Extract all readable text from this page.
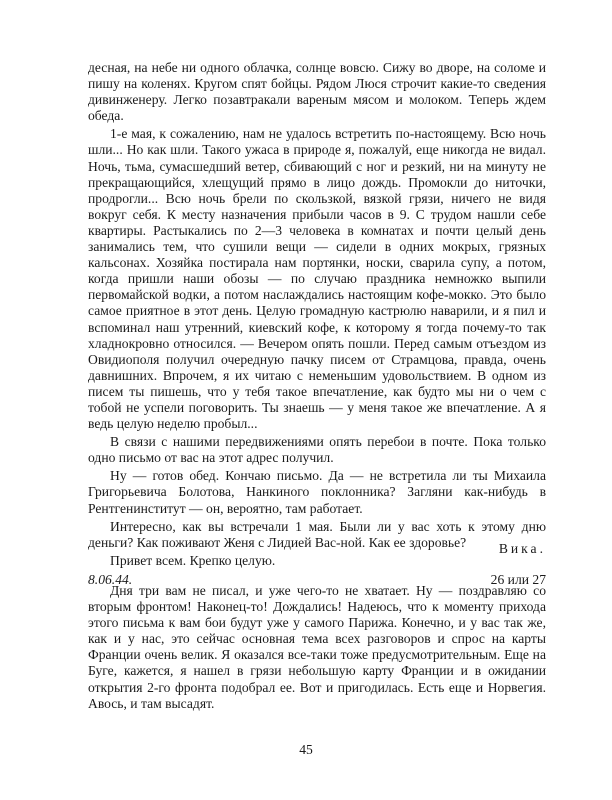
десная, на небе ни одного облачка, солнце вовсю. Сижу во дворе, на соломе и пишу на коленях. Кругом спят бойцы. Рядом Люся строчит какие-то сведения дивинженеру. Легко позавтракали вареным мясом и молоком. Теперь ждем обеда.

1-е мая, к сожалению, нам не удалось встретить по-настоящему. Всю ночь шли... Но как шли. Такого ужаса в природе я, пожалуй, еще никогда не видал. Ночь, тьма, сумасшедший ветер, сбивающий с ног и резкий, ни на минуту не прекращающийся, хлещущий прямо в лицо дождь. Промокли до ниточки, продрогли... Всю ночь брели по скользкой, вязкой грязи, ничего не видя вокруг себя. К месту назначения прибыли часов в 9. С трудом нашли себе квартиры. Растыкались по 2—3 человека в комнатах и почти целый день занимались тем, что сушили вещи — сидели в одних мокрых, грязных кальсонах. Хозяйка постирала нам портянки, носки, сварила супу, а потом, когда пришли наши обозы — по случаю праздника немножко выпили первомайской водки, а потом наслаждались настоящим кофе-мокко. Это было самое приятное в этот день. Целую громадную кастрюлю наварили, и я пил и вспоминал наш утренний, киевский кофе, к которому я тогда почему-то так хладнокровно относился. — Вечером опять пошли. Перед самым отъездом из Овидиополя получил очередную пачку писем от Страмцова, правда, очень давнишних. Впрочем, я их читаю с неменьшим удовольствием. В одном из писем ты пишешь, что у тебя такое впечатление, как будто мы ни о чем с тобой не успели поговорить. Ты знаешь — у меня такое же впечатление. А я ведь целую неделю пробыл...

В связи с нашими передвижениями опять перебои в почте. Пока только одно письмо от вас на этот адрес получил.

Ну — готов обед. Кончаю письмо. Да — не встретила ли ты Михаила Григорьевича Болотова, Нанкиного поклонника? Загляни как-нибудь в Рентгенинститут — он, вероятно, там работает.

Интересно, как вы встречали 1 мая. Были ли у вас хоть к этому дню деньги? Как поживают Женя с Лидией Вас-ной. Как ее здоровье?

Привет всем. Крепко целую.

Вика.
8.06.44.	26 или 27

Дня три вам не писал, и уже чего-то не хватает. Ну — поздравляю со вторым фронтом! Наконец-то! Дождались! Надеюсь, что к моменту прихода этого письма к вам бои будут уже у самого Парижа. Конечно, и у вас так же, как и у нас, это сейчас основная тема всех разговоров и спрос на карты Франции очень велик. Я оказался все-таки тоже предусмотрительным. Еще на Буге, кажется, я нашел в грязи небольшую карту Франции и в ожидании открытия 2-го фронта подобрал ее. Вот и пригодилась. Есть еще и Норвегия. Авось, и там высадят.

45
